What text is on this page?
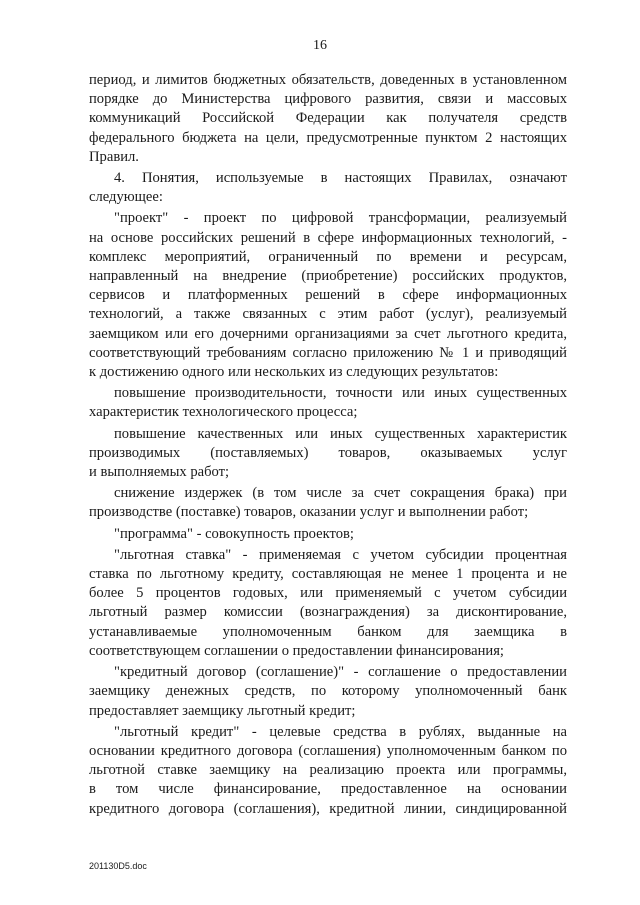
16

период, и лимитов бюджетных обязательств, доведенных в установленном
порядке до Министерства цифрового развития, связи и массовых
коммуникаций Российской Федерации как получателя средств
федерального бюджета на цели, предусмотренные пунктом 2 настоящих
Правил.

4. Понятия, используемые в настоящих Правилах, означают
следующее:

"проект" - проект по цифровой трансформации, реализуемый
на основе российских решений в сфере информационных технологий, -
комплекс мероприятий, ограниченный по времени и ресурсам,
направленный на внедрение (приобретение) российских продуктов,
сервисов и платформенных решений в сфере информационных
технологий, а также связанных с этим работ (услуг), реализуемый
заемщиком или его дочерними организациями за счет льготного кредита,
соответствующий требованиям согласно приложению № 1 и приводящий
к достижению одного или нескольких из следующих результатов:

повышение производительности, точности или иных существенных
характеристик технологического процесса;

повышение качественных или иных существенных характеристик
производимых (поставляемых) товаров, оказываемых услуг
и выполняемых работ;

снижение издержек (в том числе за счет сокращения брака) при
производстве (поставке) товаров, оказании услуг и выполнении работ;

"программа" - совокупность проектов;

"льготная ставка" - применяемая с учетом субсидии процентная
ставка по льготному кредиту, составляющая не менее 1 процента и не
более 5 процентов годовых, или применяемый с учетом субсидии
льготный размер комиссии (вознаграждения) за дисконтирование,
устанавливаемые уполномоченным банком для заемщика в
соответствующем соглашении о предоставлении финансирования;

"кредитный договор (соглашение)" - соглашение о предоставлении
заемщику денежных средств, по которому уполномоченный банк
предоставляет заемщику льготный кредит;

"льготный кредит" - целевые средства в рублях, выданные на
основании кредитного договора (соглашения) уполномоченным банком по
льготной ставке заемщику на реализацию проекта или программы,
в том числе финансирование, предоставленное на основании
кредитного договора (соглашения), кредитной линии, синдицированной

201130D5.doc
